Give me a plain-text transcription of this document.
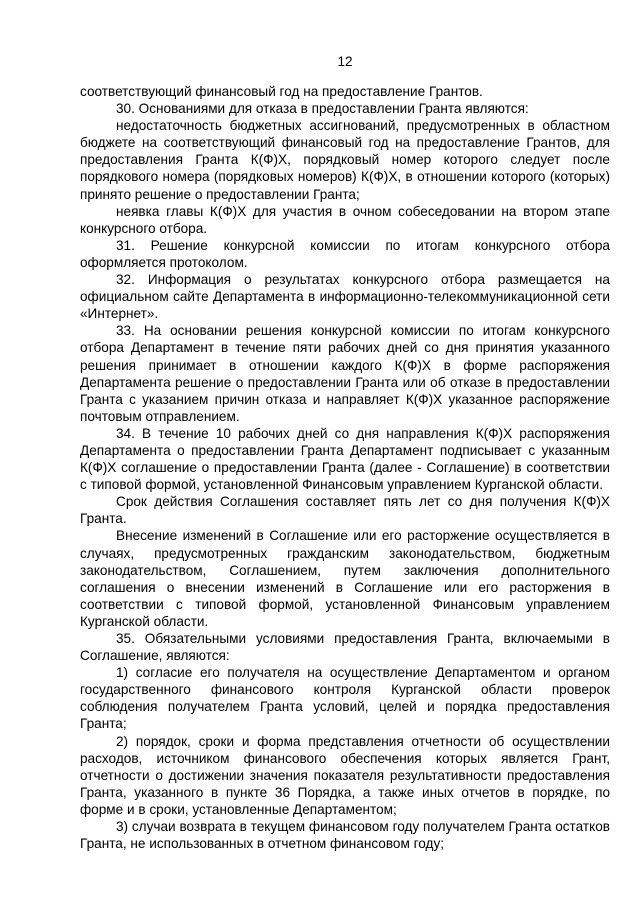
12

соответствующий финансовый год на предоставление Грантов.

30. Основаниями для отказа в предоставлении Гранта являются:

недостаточность бюджетных ассигнований, предусмотренных в областном бюджете на соответствующий финансовый год на предоставление Грантов, для предоставления Гранта К(Ф)Х, порядковый номер которого следует после порядкового номера (порядковых номеров) К(Ф)Х, в отношении которого (которых) принято решение о предоставлении Гранта;

неявка главы К(Ф)Х для участия в очном собеседовании на втором этапе конкурсного отбора.

31. Решение конкурсной комиссии по итогам конкурсного отбора оформляется протоколом.

32. Информация о результатах конкурсного отбора размещается на официальном сайте Департамента в информационно-телекоммуникационной сети «Интернет».

33. На основании решения конкурсной комиссии по итогам конкурсного отбора Департамент в течение пяти рабочих дней со дня принятия указанного решения принимает в отношении каждого К(Ф)Х в форме распоряжения Департамента решение о предоставлении Гранта или об отказе в предоставлении Гранта с указанием причин отказа и направляет К(Ф)Х указанное распоряжение почтовым отправлением.

34. В течение 10 рабочих дней со дня направления К(Ф)Х распоряжения Департамента о предоставлении Гранта Департамент подписывает с указанным К(Ф)Х соглашение о предоставлении Гранта (далее - Соглашение) в соответствии с типовой формой, установленной Финансовым управлением Курганской области.

Срок действия Соглашения составляет пять лет со дня получения К(Ф)Х Гранта.

Внесение изменений в Соглашение или его расторжение осуществляется в случаях, предусмотренных гражданским законодательством, бюджетным законодательством, Соглашением, путем заключения дополнительного соглашения о внесении изменений в Соглашение или его расторжения в соответствии с типовой формой, установленной Финансовым управлением Курганской области.

35. Обязательными условиями предоставления Гранта, включаемыми в Соглашение, являются:

1) согласие его получателя на осуществление Департаментом и органом государственного финансового контроля Курганской области проверок соблюдения получателем Гранта условий, целей и порядка предоставления Гранта;

2) порядок, сроки и форма представления отчетности об осуществлении расходов, источником финансового обеспечения которых является Грант, отчетности о достижении значения показателя результативности предоставления Гранта, указанного в пункте 36 Порядка, а также иных отчетов в порядке, по форме и в сроки, установленные Департаментом;

3) случаи возврата в текущем финансовом году получателем Гранта остатков Гранта, не использованных в отчетном финансовом году;
